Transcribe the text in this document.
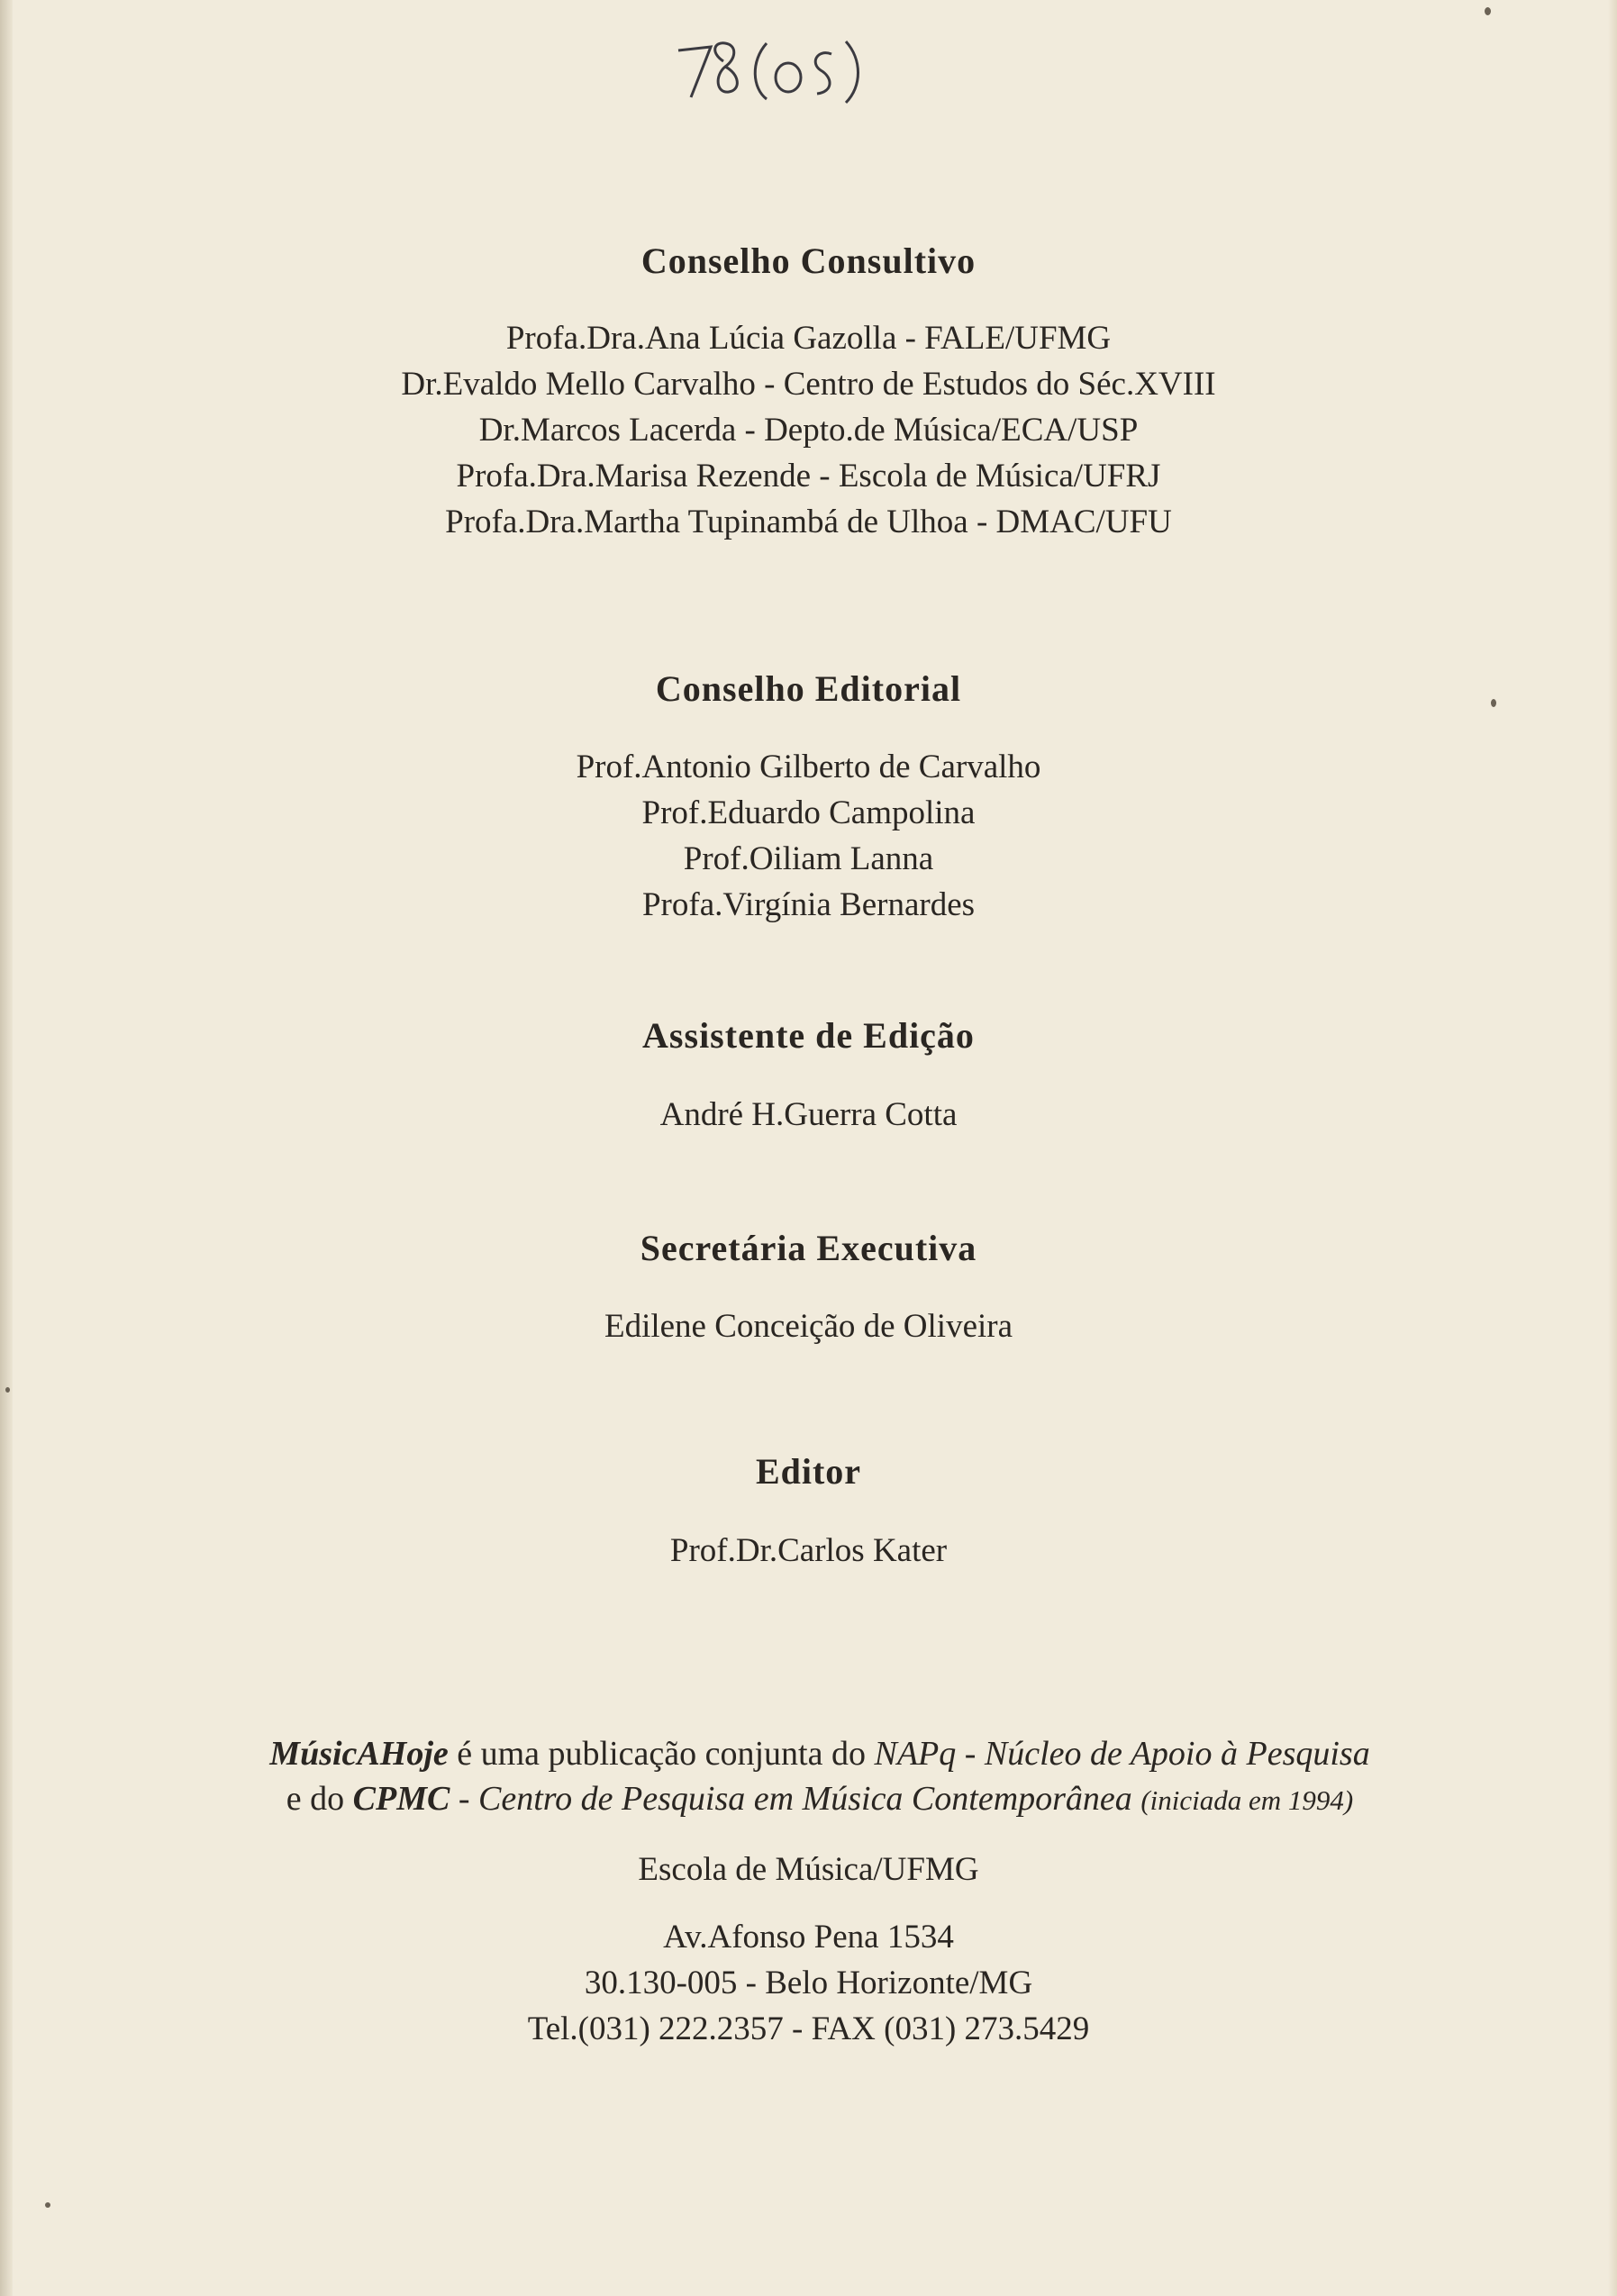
Conselho Consultivo

Profa.Dra.Ana Lúcia Gazolla - FALE/UFMG

Dr.Evaldo Mello Carvalho - Centro de Estudos do Séc.XVIII

Dr.Marcos Lacerda - Depto.de Música/ECA/USP

Profa.Dra.Marisa Rezende - Escola de Música/UFRJ

Profa.Dra.Martha Tupinambá de Ulhoa - DMAC/UFU

Conselho Editorial

Prof.Antonio Gilberto de Carvalho

Prof.Eduardo Campolina

Prof.Oiliam Lanna

Profa.Virgínia Bernardes

Assistente de Edição

André H.Guerra Cotta

Secretária Executiva

Edilene Conceição de Oliveira

Editor

Prof.Dr.Carlos Kater

MúsicAHoje é uma publicação conjunta do NAPq - Núcleo de Apoio à Pesquisa
e do CPMC - Centro de Pesquisa em Música Contemporânea (iniciada em 1994)

Escola de Música/UFMG

Av.Afonso Pena 1534

30.130-005 - Belo Horizonte/MG

Tel.(031) 222.2357 - FAX (031) 273.5429
